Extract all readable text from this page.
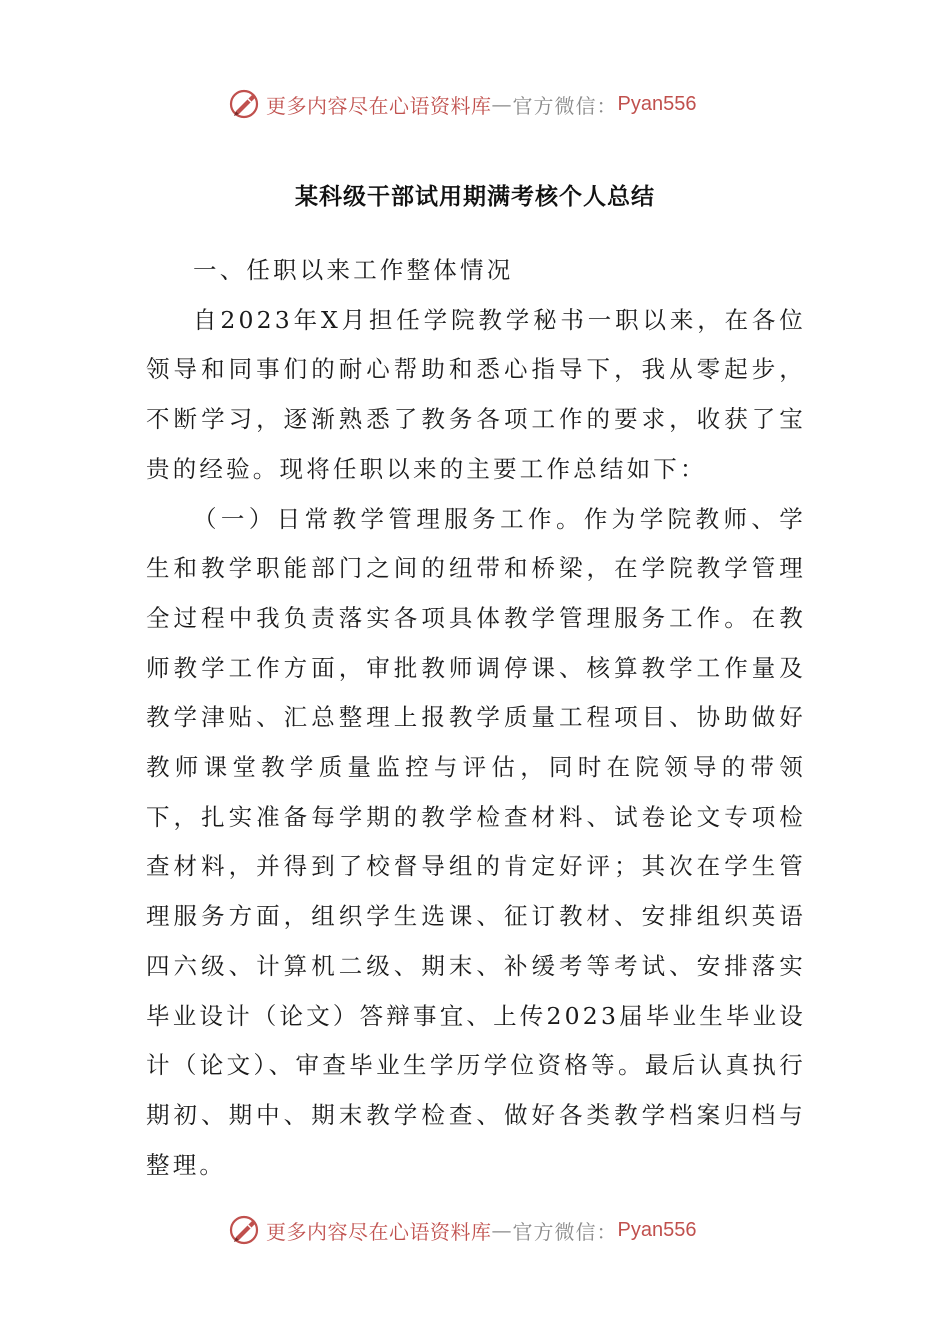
更多内容尽在心语资料库 — 官方微信： Pyan556
某科级干部试用期满考核个人总结

一、任职以来工作整体情况

自2023年X月担任学院教学秘书一职以来，在各位领导和同事们的耐心帮助和悉心指导下，我从零起步，不断学习，逐渐熟悉了教务各项工作的要求，收获了宝贵的经验。现将任职以来的主要工作总结如下：

（一）日常教学管理服务工作。作为学院教师、学生和教学职能部门之间的纽带和桥梁，在学院教学管理全过程中我负责落实各项具体教学管理服务工作。在教师教学工作方面，审批教师调停课、核算教学工作量及教学津贴、汇总整理上报教学质量工程项目、协助做好教师课堂教学质量监控与评估，同时在院领导的带领下，扎实准备每学期的教学检查材料、试卷论文专项检查材料，并得到了校督导组的肯定好评；其次在学生管理服务方面，组织学生选课、征订教材、安排组织英语四六级、计算机二级、期末、补缓考等考试、安排落实毕业设计（论文）答辩事宜、上传2023届毕业生毕业设计（论文）、审查毕业生学历学位资格等。最后认真执行期初、期中、期末教学检查、做好各类教学档案归档与整理。

更多内容尽在心语资料库 — 官方微信： Pyan556
